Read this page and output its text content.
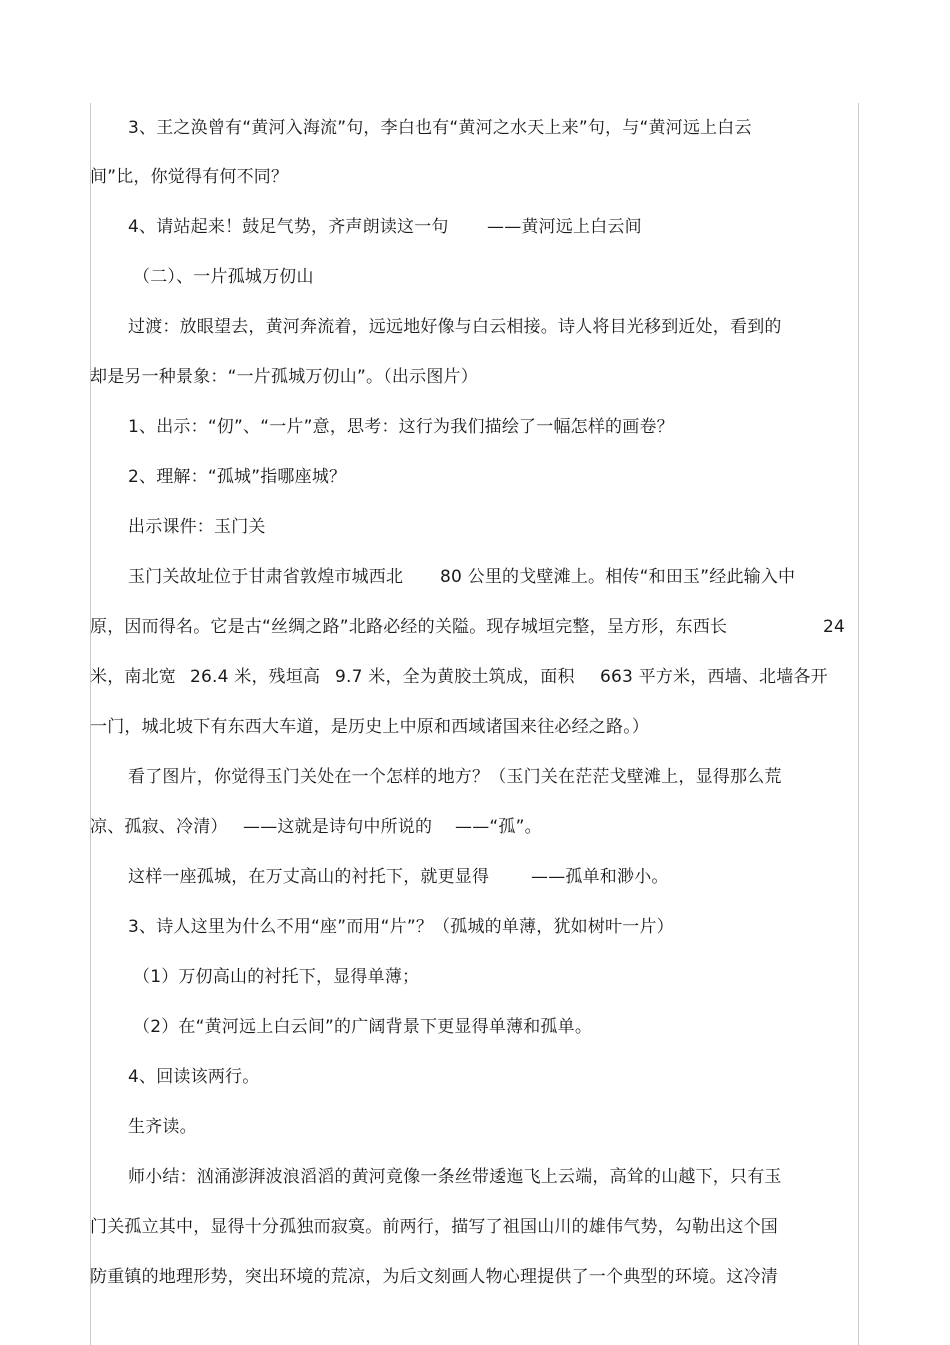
3、王之涣曾有“黄河入海流”句，李白也有“黄河之水天上来”句，与“黄河远上白云
间”比，你觉得有何不同？
4、请站起来！鼓足气势，齐声朗读这一句 ——黄河远上白云间
（二）、一片孤城万仞山
过渡：放眼望去，黄河奔流着，远远地好像与白云相接。诗人将目光移到近处，看到的
却是另一种景象：“一片孤城万仞山”。（出示图片）
1、出示：“仞”、“一片”意，思考：这行为我们描绘了一幅怎样的画卷？
2、理解：“孤城”指哪座城？
出示课件：玉门关
玉门关故址位于甘肃省敦煌市城西北 80 公里的戈壁滩上。相传“和田玉”经此输入中
原，因而得名。它是古“丝绸之路”北路必经的关隘。现存城垣完整，呈方形，东西长	24
米，南北宽 26.4 米，残垣高 9.7 米，全为黄胶土筑成，面积 663 平方米，西墙、北墙各开
一门，城北坡下有东西大车道，是历史上中原和西域诸国来往必经之路。）
看了图片，你觉得玉门关处在一个怎样的地方？（玉门关在茫茫戈壁滩上，显得那么荒
凉、孤寂、冷清） ——这就是诗句中所说的 ——“孤”。
这样一座孤城，在万丈高山的衬托下，就更显得 ——孤单和渺小。
3、诗人这里为什么不用“座”而用“片”？（孤城的单薄，犹如树叶一片）
（1）万仞高山的衬托下，显得单薄；
（2）在“黄河远上白云间”的广阔背景下更显得单薄和孤单。
4、回读该两行。
生齐读。
师小结：汹涌澎湃波浪滔滔的黄河竟像一条丝带逶迤飞上云端，高耸的山越下，只有玉
门关孤立其中，显得十分孤独而寂寞。前两行，描写了祖国山川的雄伟气势，勾勒出这个国
防重镇的地理形势，突出环境的荒凉，为后文刻画人物心理提供了一个典型的环境。这冷清
